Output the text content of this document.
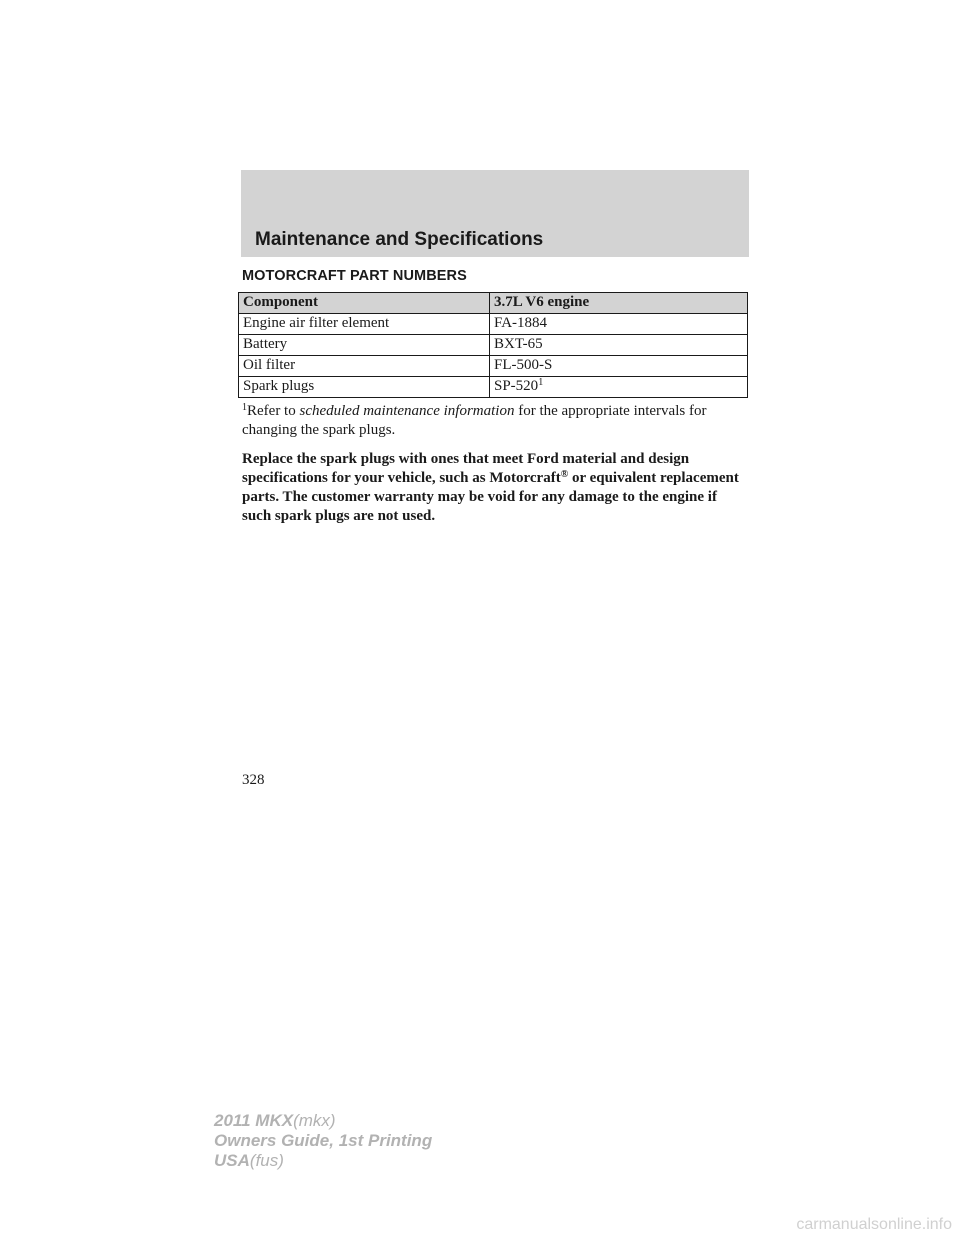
Maintenance and Specifications
MOTORCRAFT PART NUMBERS
Component	3.7L V6 engine
Engine air filter element	FA-1884
Battery	BXT-65
Oil filter	FL-500-S
Spark plugs	$SP-520^1$
$^1$Refer to scheduled maintenance information for the appropriate intervals for changing the spark plugs.
Replace the spark plugs with ones that meet Ford material and design specifications for your vehicle, such as Motorcraft® or equivalent replacement parts. The customer warranty may be void for any damage to the engine if such spark plugs are not used.
328
2011 MKX(mkx)
Owners Guide, 1st Printing
USA(fus)
carmanualsonline.info
